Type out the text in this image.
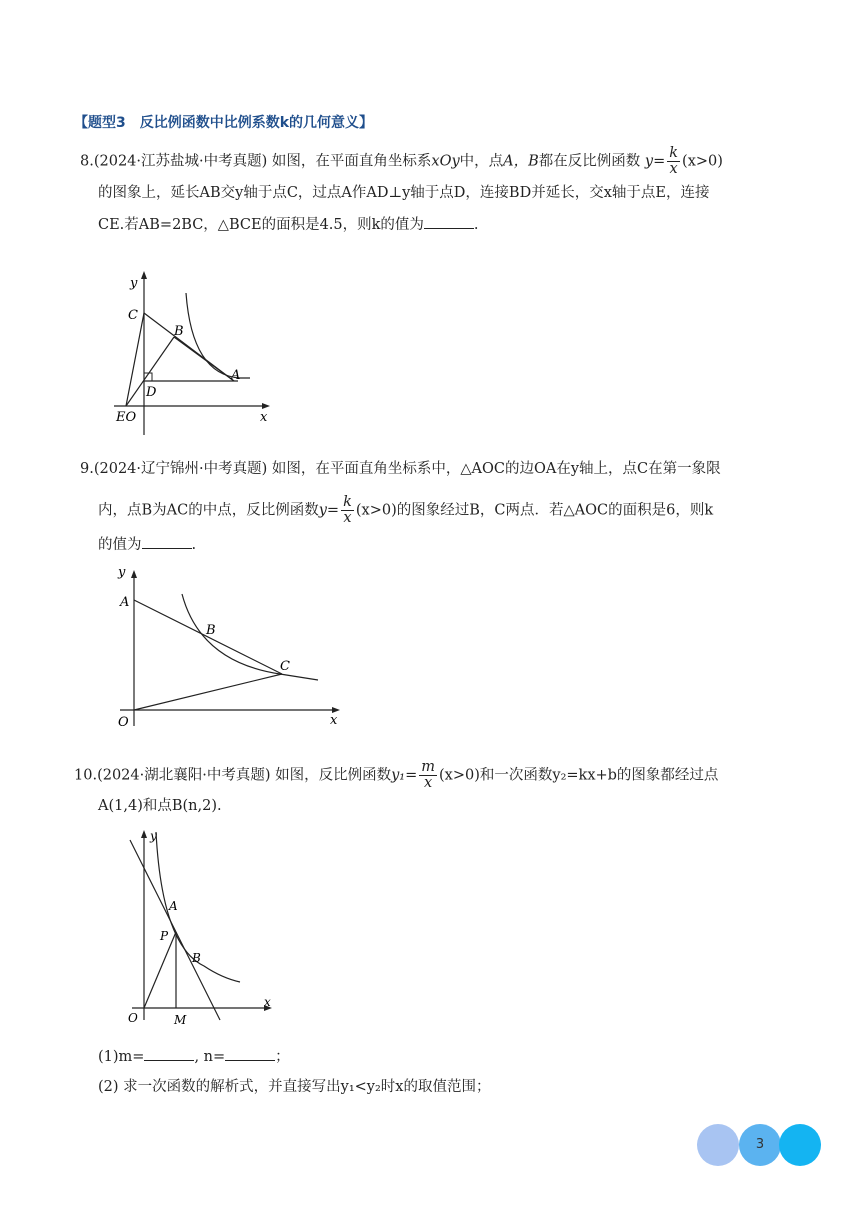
【题型3　反比例函数中比例系数k的几何意义】
8.(2024·江苏盐城·中考真题) 如图，在平面直角坐标系xOy中，点A，B都在反比例函数 $y= \frac{k}{x} (x>0)$
的图象上，延长AB交y轴于点C，过点A作AD⊥y轴于点D，连接BD并延长，交x轴于点E，连接
CE.若AB=2BC，△BCE的面积是4.5，则k的值为	.
y
x
C
B
A
D
EO
9.(2024·辽宁锦州·中考真题) 如图，在平面直角坐标系中，△AOC的边OA在y轴上，点C在第一象限
内，点B为AC的中点，反比例函数$y= \frac{k}{x} (x>0)$的图象经过B，C两点．若△AOC的面积是6，则k
的值为	.
y
x
A
B
C
O
10.(2024·湖北襄阳·中考真题) 如图，反比例函数$y_1= \frac{m}{x} (x>0)$和一次函数y₂=kx+b的图象都经过点
A(1,4)和点B(n,2).
y
x
A
P
B
O	M
(1)m=	, n=	；
(2) 求一次函数的解析式，并直接写出y₁<y₂时x的取值范围；
3
